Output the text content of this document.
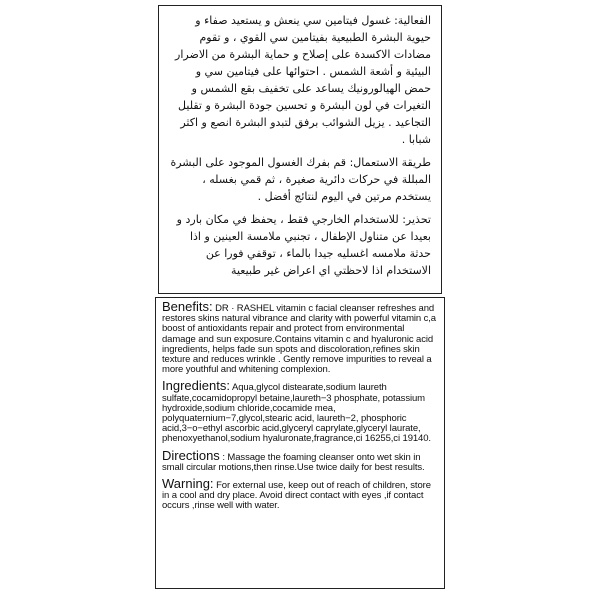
الفعالية: غسول فيتامين سي ينعش و يستعيد صفاء و حيوية البشرة الطبيعية بفيتامين سي القوي ، و تقوم مضادات الاكسدة على إصلاح و حماية البشرة من الاضرار البيئية و أشعة الشمس . احتوائها على فيتامين سي و حمض الهيالورونيك يساعد على تخفيف بقع الشمس و التغيرات في لون البشرة و تحسين جودة البشرة و تقليل التجاعيد . يزيل الشوائب برفق لتبدو البشرة انصع و اكثر شبابا .

طريقة الاستعمال: قم بفرك الغسول الموجود على البشرة المبللة في حركات دائرية صغيرة ، ثم قمي بغسله ، يستخدم مرتين في اليوم لنتائج أفضل .

تحذير: للاستخدام الخارجي فقط ، يحفظ في مكان بارد و بعيدا عن متناول الإطفال ، تجنبي ملامسة العينين و اذا حدثة ملامسه اغسليه جيدا بالماء ، توقفي فورا عن الاستخدام اذا لاحظتي اي اعراض غير طبيعية

Benefits: DR · RASHEL vitamin c facial cleanser refreshes and restores skins natural vibrance and clarity with powerful vitamin c,a boost of antioxidants repair and protect from environmental damage and sun exposure.Contains vitamin c and hyaluronic acid ingredients, helps fade sun spots and discoloration,refines skin texture and reduces wrinkle . Gently remove impurities to reveal a more youthful and whitening complexion.

Ingredients: Aqua,glycol distearate,sodium laureth sulfate,cocamidopropyl betaine,laureth−3 phosphate, potassium hydroxide,sodium chloride,cocamide mea, polyquaternium−7,glycol,stearic acid, laureth−2, phosphoric acid,3−o−ethyl ascorbic acid,glyceryl caprylate,glyceryl laurate, phenoxyethanol,sodium hyaluronate,fragrance,ci 16255,ci 19140.

Directions : Massage the foaming cleanser onto wet skin in small circular motions,then rinse.Use twice daily for best results.

Warning: For external use, keep out of reach of children, store in a cool and dry place. Avoid direct contact with eyes ,if contact occurs ,rinse well with water.
